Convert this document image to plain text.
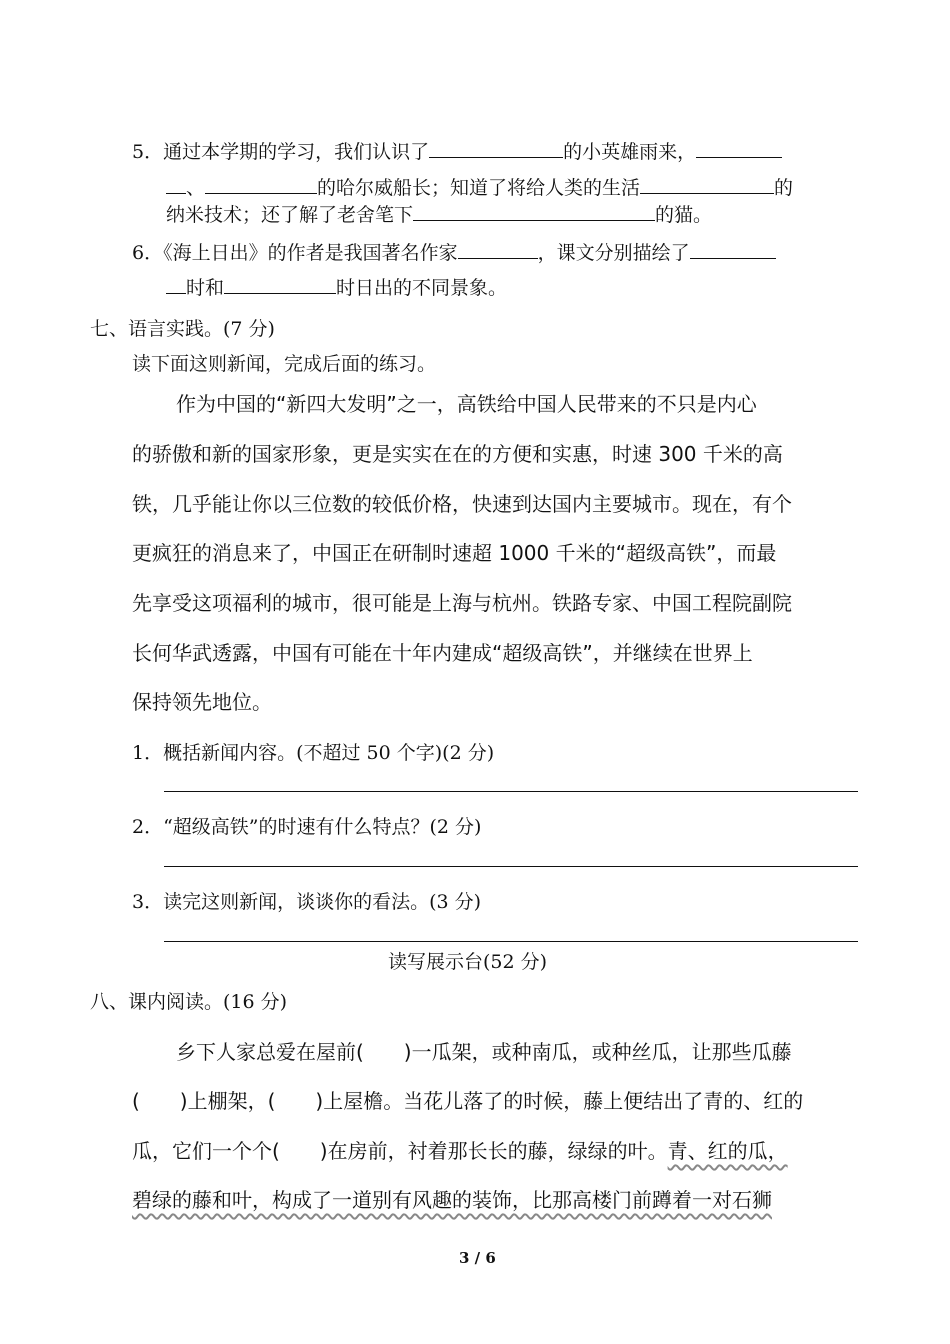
5．通过本学期的学习，我们认识了	的小英雄雨来，
、	的哈尔威船长；知道了将给人类的生活	的
纳米技术；还了解了老舍笔下	的猫。
6．《海上日出》的作者是我国著名作家	，课文分别描绘了
时和	时日出的不同景象。
七、语言实践。(7 分)
读下面这则新闻，完成后面的练习。
作为中国的“新四大发明”之一，高铁给中国人民带来的不只是内心
的骄傲和新的国家形象，更是实实在在的方便和实惠，时速 300 千米的高
铁，几乎能让你以三位数的较低价格，快速到达国内主要城市。现在，有个
更疯狂的消息来了，中国正在研制时速超 1000 千米的“超级高铁”，而最
先享受这项福利的城市，很可能是上海与杭州。铁路专家、中国工程院副院
长何华武透露，中国有可能在十年内建成“超级高铁”，并继续在世界上
保持领先地位。
1．概括新闻内容。(不超过 50 个字)(2 分)
2．“超级高铁”的时速有什么特点？(2 分)
3．读完这则新闻，谈谈你的看法。(3 分)
读写展示台(52 分)
八、课内阅读。(16 分)
乡下人家总爱在屋前(　　)一瓜架，或种南瓜，或种丝瓜，让那些瓜藤
(　　)上棚架，(　　)上屋檐。当花儿落了的时候，藤上便结出了青的、红的
瓜，它们一个个(　　)在房前，衬着那长长的藤，绿绿的叶。青、红的瓜，
碧绿的藤和叶，构成了一道别有风趣的装饰，比那高楼门前蹲着一对石狮
3 / 6
